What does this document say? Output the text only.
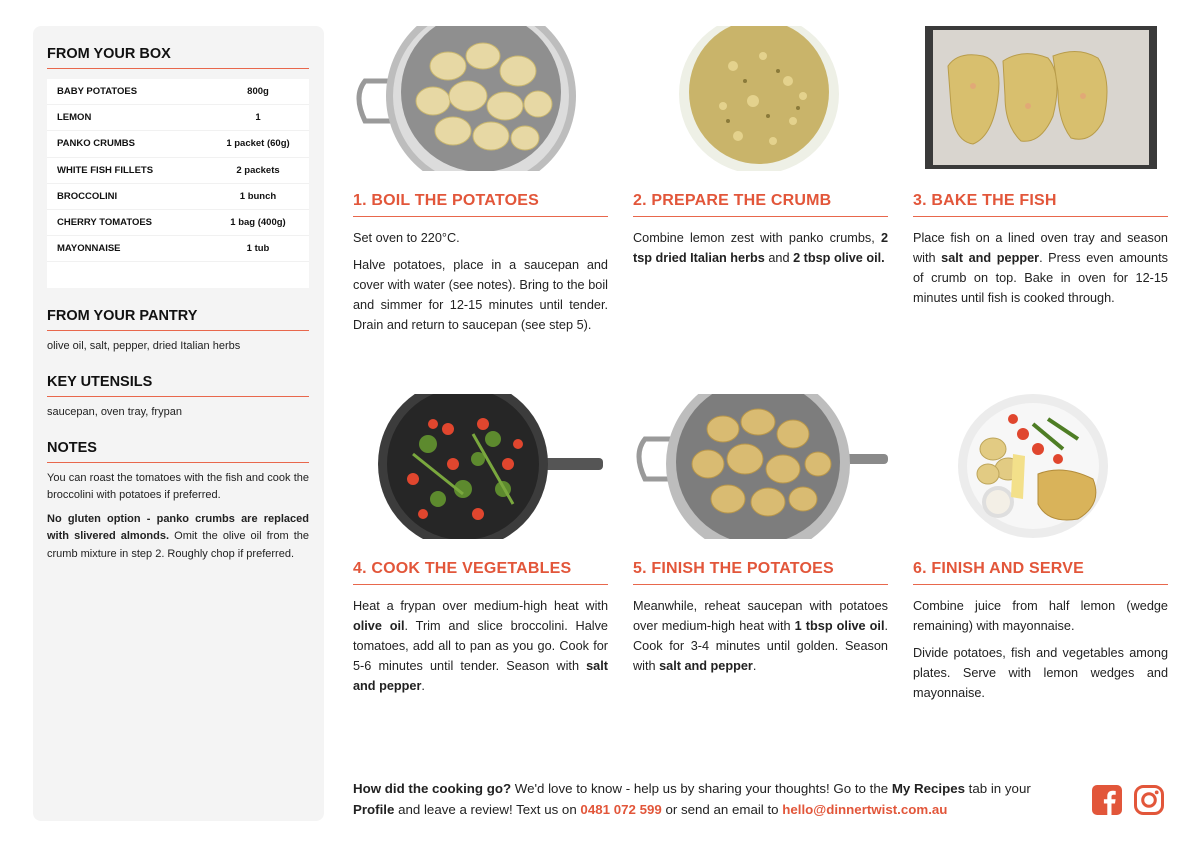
FROM YOUR BOX
BABY POTATOES	800g
LEMON	1
PANKO CRUMBS	1 packet (60g)
WHITE FISH FILLETS	2 packets
BROCCOLINI	1 bunch
CHERRY TOMATOES	1 bag (400g)
MAYONNAISE	1 tub
FROM YOUR PANTRY
olive oil, salt, pepper, dried Italian herbs
KEY UTENSILS
saucepan, oven tray, frypan
NOTES

You can roast the tomatoes with the fish and cook the broccolini with potatoes if preferred.

No gluten option - panko crumbs are replaced with slivered almonds. Omit the olive oil from the crumb mixture in step 2. Roughly chop if preferred.

1. BOIL THE POTATOES

Set oven to 220°C.

Halve potatoes, place in a saucepan and cover with water (see notes). Bring to the boil and simmer for 12-15 minutes until tender. Drain and return to saucepan (see step 5).

2. PREPARE THE CRUMB

Combine lemon zest with panko crumbs, 2 tsp dried Italian herbs and 2 tbsp olive oil.

3. BAKE THE FISH

Place fish on a lined oven tray and season with salt and pepper. Press even amounts of crumb on top. Bake in oven for 12-15 minutes until fish is cooked through.

4. COOK THE VEGETABLES

Heat a frypan over medium-high heat with olive oil. Trim and slice broccolini. Halve tomatoes, add all to pan as you go. Cook for 5-6 minutes until tender. Season with salt and pepper.

5. FINISH THE POTATOES

Meanwhile, reheat saucepan with potatoes over medium-high heat with 1 tbsp olive oil. Cook for 3-4 minutes until golden. Season with salt and pepper.

6. FINISH AND SERVE

Combine juice from half lemon (wedge remaining) with mayonnaise.

Divide potatoes, fish and vegetables among plates. Serve with lemon wedges and mayonnaise.

How did the cooking go? We'd love to know - help us by sharing your thoughts! Go to the My Recipes tab in your Profile and leave a review! Text us on 0481 072 599 or send an email to hello@dinnertwist.com.au
